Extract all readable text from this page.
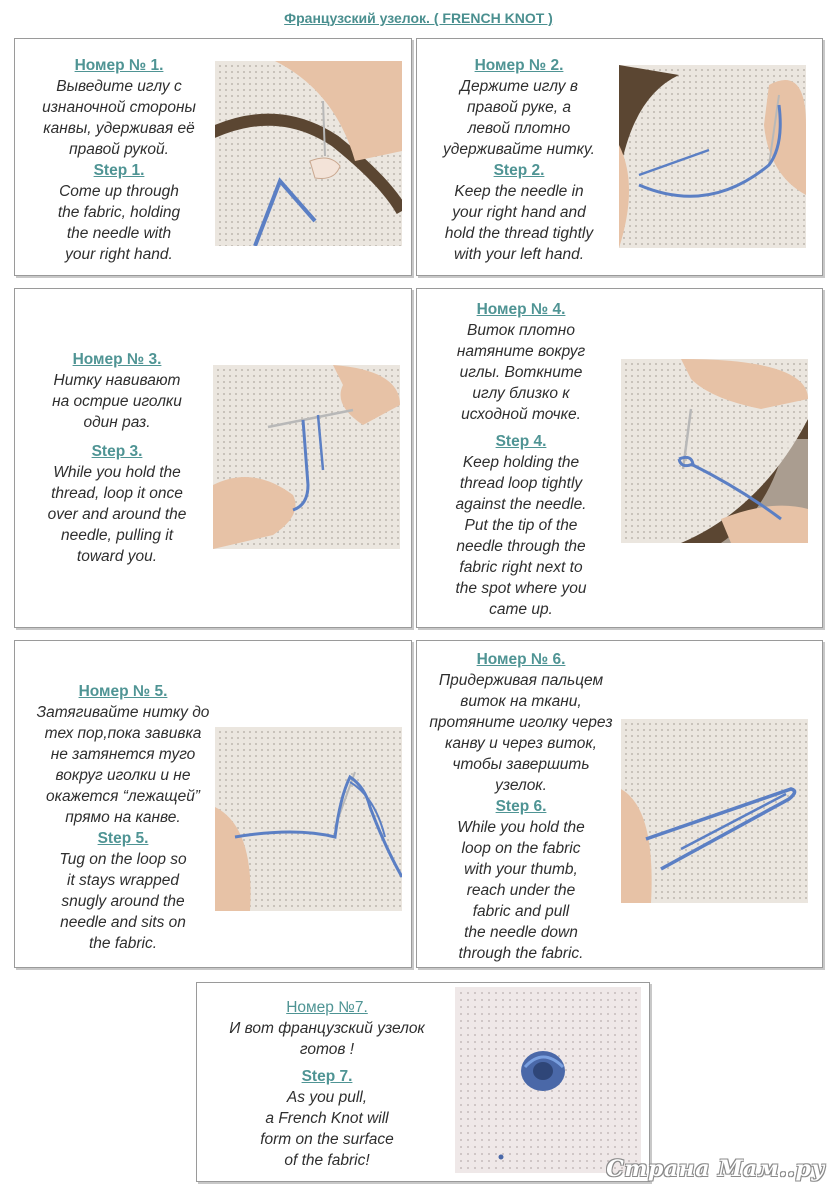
Французский узелок. ( FRENCH KNOT )
Номер № 1.
Выведите иглу с
изнаночной стороны
канвы, удерживая её
правой рукой.
Step 1.
Come up through
the fabric, holding
the needle with
your right hand.
Номер № 2.
Держите иглу в
правой руке, а
левой плотно
удерживайте нитку.
Step 2.
Keep the needle in
your right hand and
hold the thread tightly
with your left hand.
Номер № 3.
Нитку навивают
на острие иголки
один раз.
Step 3.
While you hold the
thread, loop it once
over and around the
needle, pulling it
toward you.
Номер № 4.
Виток плотно
натяните вокруг
иглы. Воткните
иглу близко к
исходной точке.
Step 4.
Keep holding the
thread loop tightly
against the needle.
Put the tip of the
needle through the
fabric right next to
the spot where you
came up.
Номер № 5.
Затягивайте нитку до
тех пор,пока завивка
не затянется туго
вокруг иголки и не
окажется “лежащей”
прямо на канве.
Step 5.
Tug on the loop so
it stays wrapped
snugly around the
needle and sits on
the fabric.
Номер № 6.
Придерживая пальцем
виток на ткани,
протяните иголку через
канву и через виток,
чтобы завершить
узелок.
Step 6.
While you hold the
loop on the fabric
with your thumb,
reach under the
fabric and pull
the needle down
through the fabric.
Номер №7.
И вот французский узелок
готов !
Step 7.
As you pull,
a French Knot will
form on the surface
of the fabric!	Страна Мам..ру
